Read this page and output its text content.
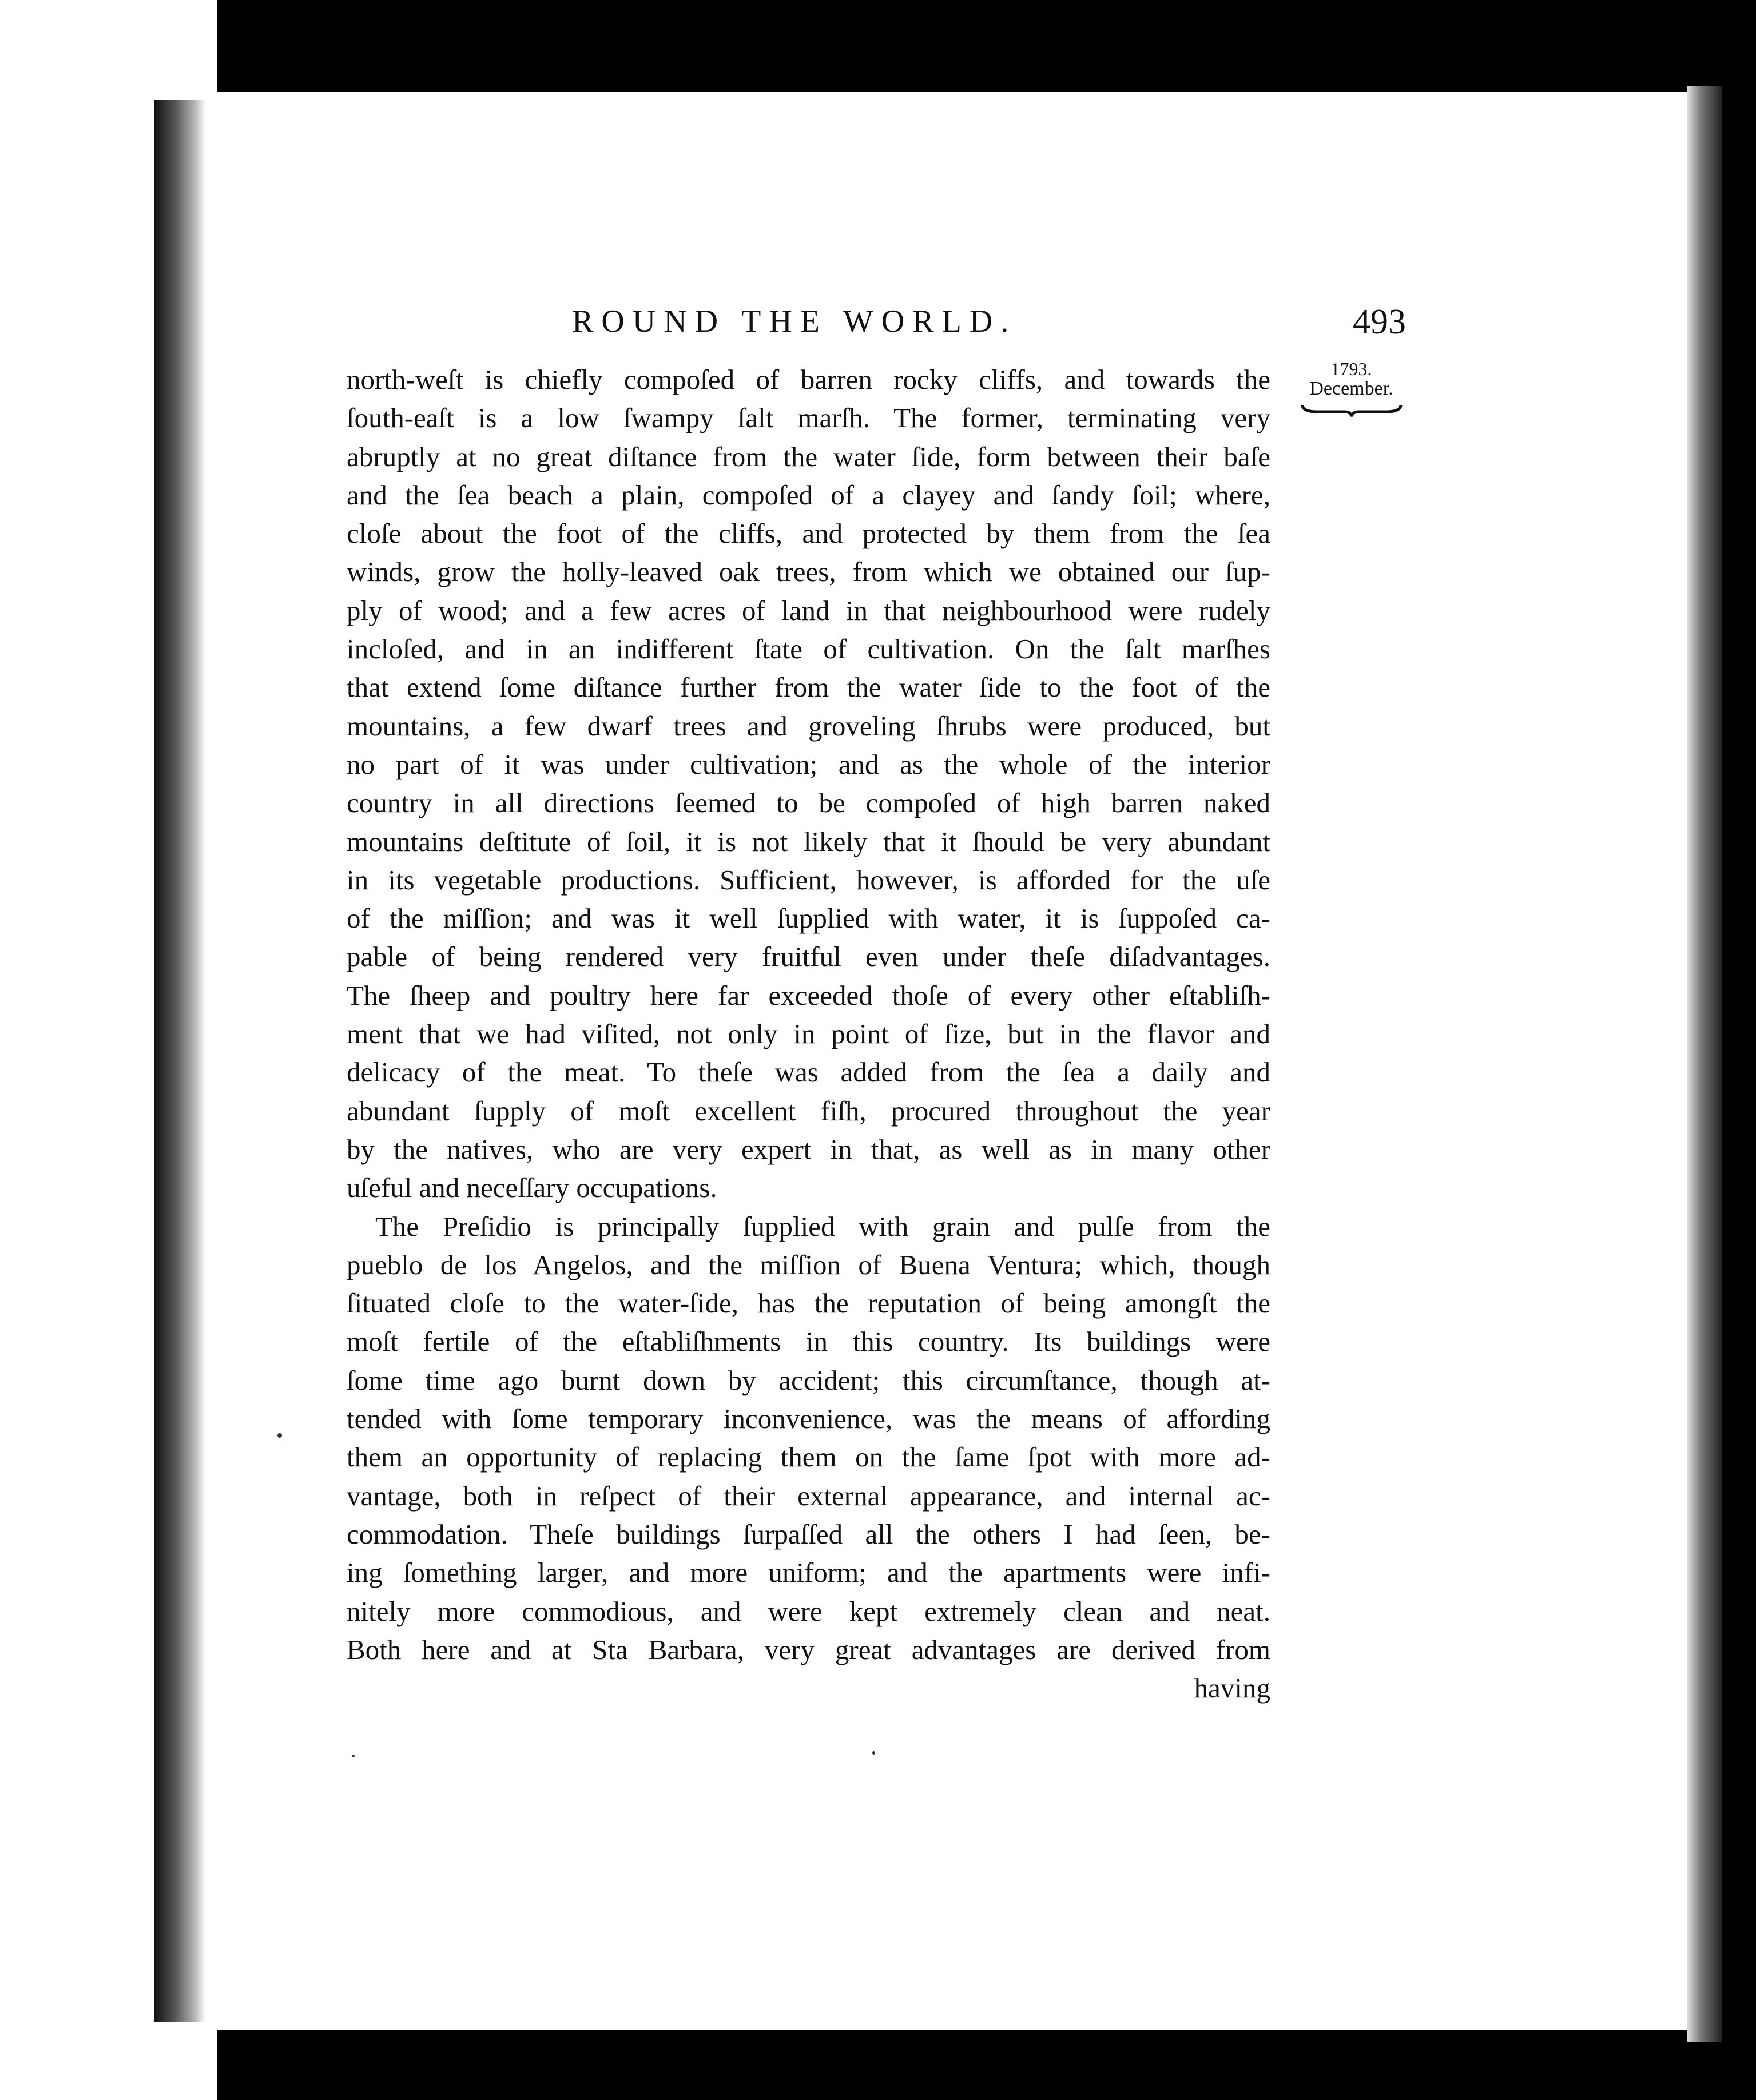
ROUND THE WORLD.	493
1793.
December.
north-weſt is chiefly compoſed of barren rocky cliffs, and towards the
ſouth-eaſt is a low ſwampy ſalt marſh. The former, terminating very
abruptly at no great diſtance from the water ſide, form between their baſe
and the ſea beach a plain, compoſed of a clayey and ſandy ſoil; where,
cloſe about the foot of the cliffs, and protected by them from the ſea
winds, grow the holly-leaved oak trees, from which we obtained our ſup-
ply of wood; and a few acres of land in that neighbourhood were rudely
incloſed, and in an indifferent ſtate of cultivation. On the ſalt marſhes
that extend ſome diſtance further from the water ſide to the foot of the
mountains, a few dwarf trees and groveling ſhrubs were produced, but
no part of it was under cultivation; and as the whole of the interior
country in all directions ſeemed to be compoſed of high barren naked
mountains deſtitute of ſoil, it is not likely that it ſhould be very abundant
in its vegetable productions. Sufficient, however, is afforded for the uſe
of the miſſion; and was it well ſupplied with water, it is ſuppoſed ca-
pable of being rendered very fruitful even under theſe diſadvantages.
The ſheep and poultry here far exceeded thoſe of every other eſtabliſh-
ment that we had viſited, not only in point of ſize, but in the flavor and
delicacy of the meat. To theſe was added from the ſea a daily and
abundant ſupply of moſt excellent fiſh, procured throughout the year
by the natives, who are very expert in that, as well as in many other
uſeful and neceſſary occupations.
The Preſidio is principally ſupplied with grain and pulſe from the
pueblo de los Angelos, and the miſſion of Buena Ventura; which, though
ſituated cloſe to the water-ſide, has the reputation of being amongſt the
moſt fertile of the eſtabliſhments in this country. Its buildings were
ſome time ago burnt down by accident; this circumſtance, though at-
tended with ſome temporary inconvenience, was the means of affording
them an opportunity of replacing them on the ſame ſpot with more ad-
vantage, both in reſpect of their external appearance, and internal ac-
commodation. Theſe buildings ſurpaſſed all the others I had ſeen, be-
ing ſomething larger, and more uniform; and the apartments were infi-
nitely more commodious, and were kept extremely clean and neat.
Both here and at Sta Barbara, very great advantages are derived from
having
